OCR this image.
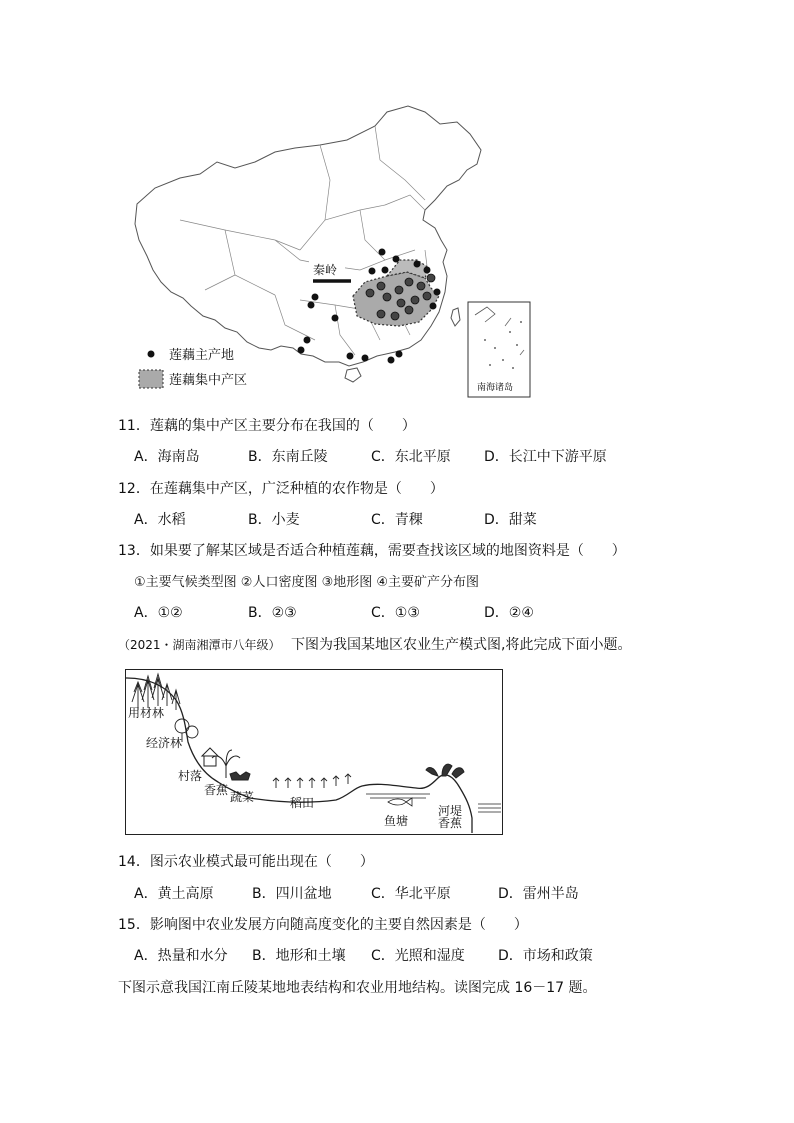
秦岭
南海诸岛
莲藕主产地
莲藕集中产区
11．莲藕的集中产区主要分布在我国的（　　）
A．海南岛	B．东南丘陵	C．东北平原 D．长江中下游平原
12．在莲藕集中产区，广泛种植的农作物是（　　）
A．水稻	B．小麦	C．青稞	D．甜菜
13．如果要了解某区域是否适合种植莲藕，需要查找该区域的地图资料是（　　）
①主要气候类型图 ②人口密度图 ③地形图 ④主要矿产分布图
A．①②	B．②③	C．①③	D．②④
（2021・湖南湘潭市八年级） 下图为我国某地区农业生产模式图,将此完成下面小题。
用材林
经济林
村落
香蕉 蔬菜	稻田
鱼塘
河堤
香蕉
14．图示农业模式最可能出现在（　　）
A．黄土高原	B．四川盆地	C．华北平原	D．雷州半岛
15．影响图中农业发展方向随高度变化的主要自然因素是（　　）
A．热量和水分 B．地形和土壤 C．光照和湿度 D．市场和政策
下图示意我国江南丘陵某地地表结构和农业用地结构。读图完成 16－17 题。
